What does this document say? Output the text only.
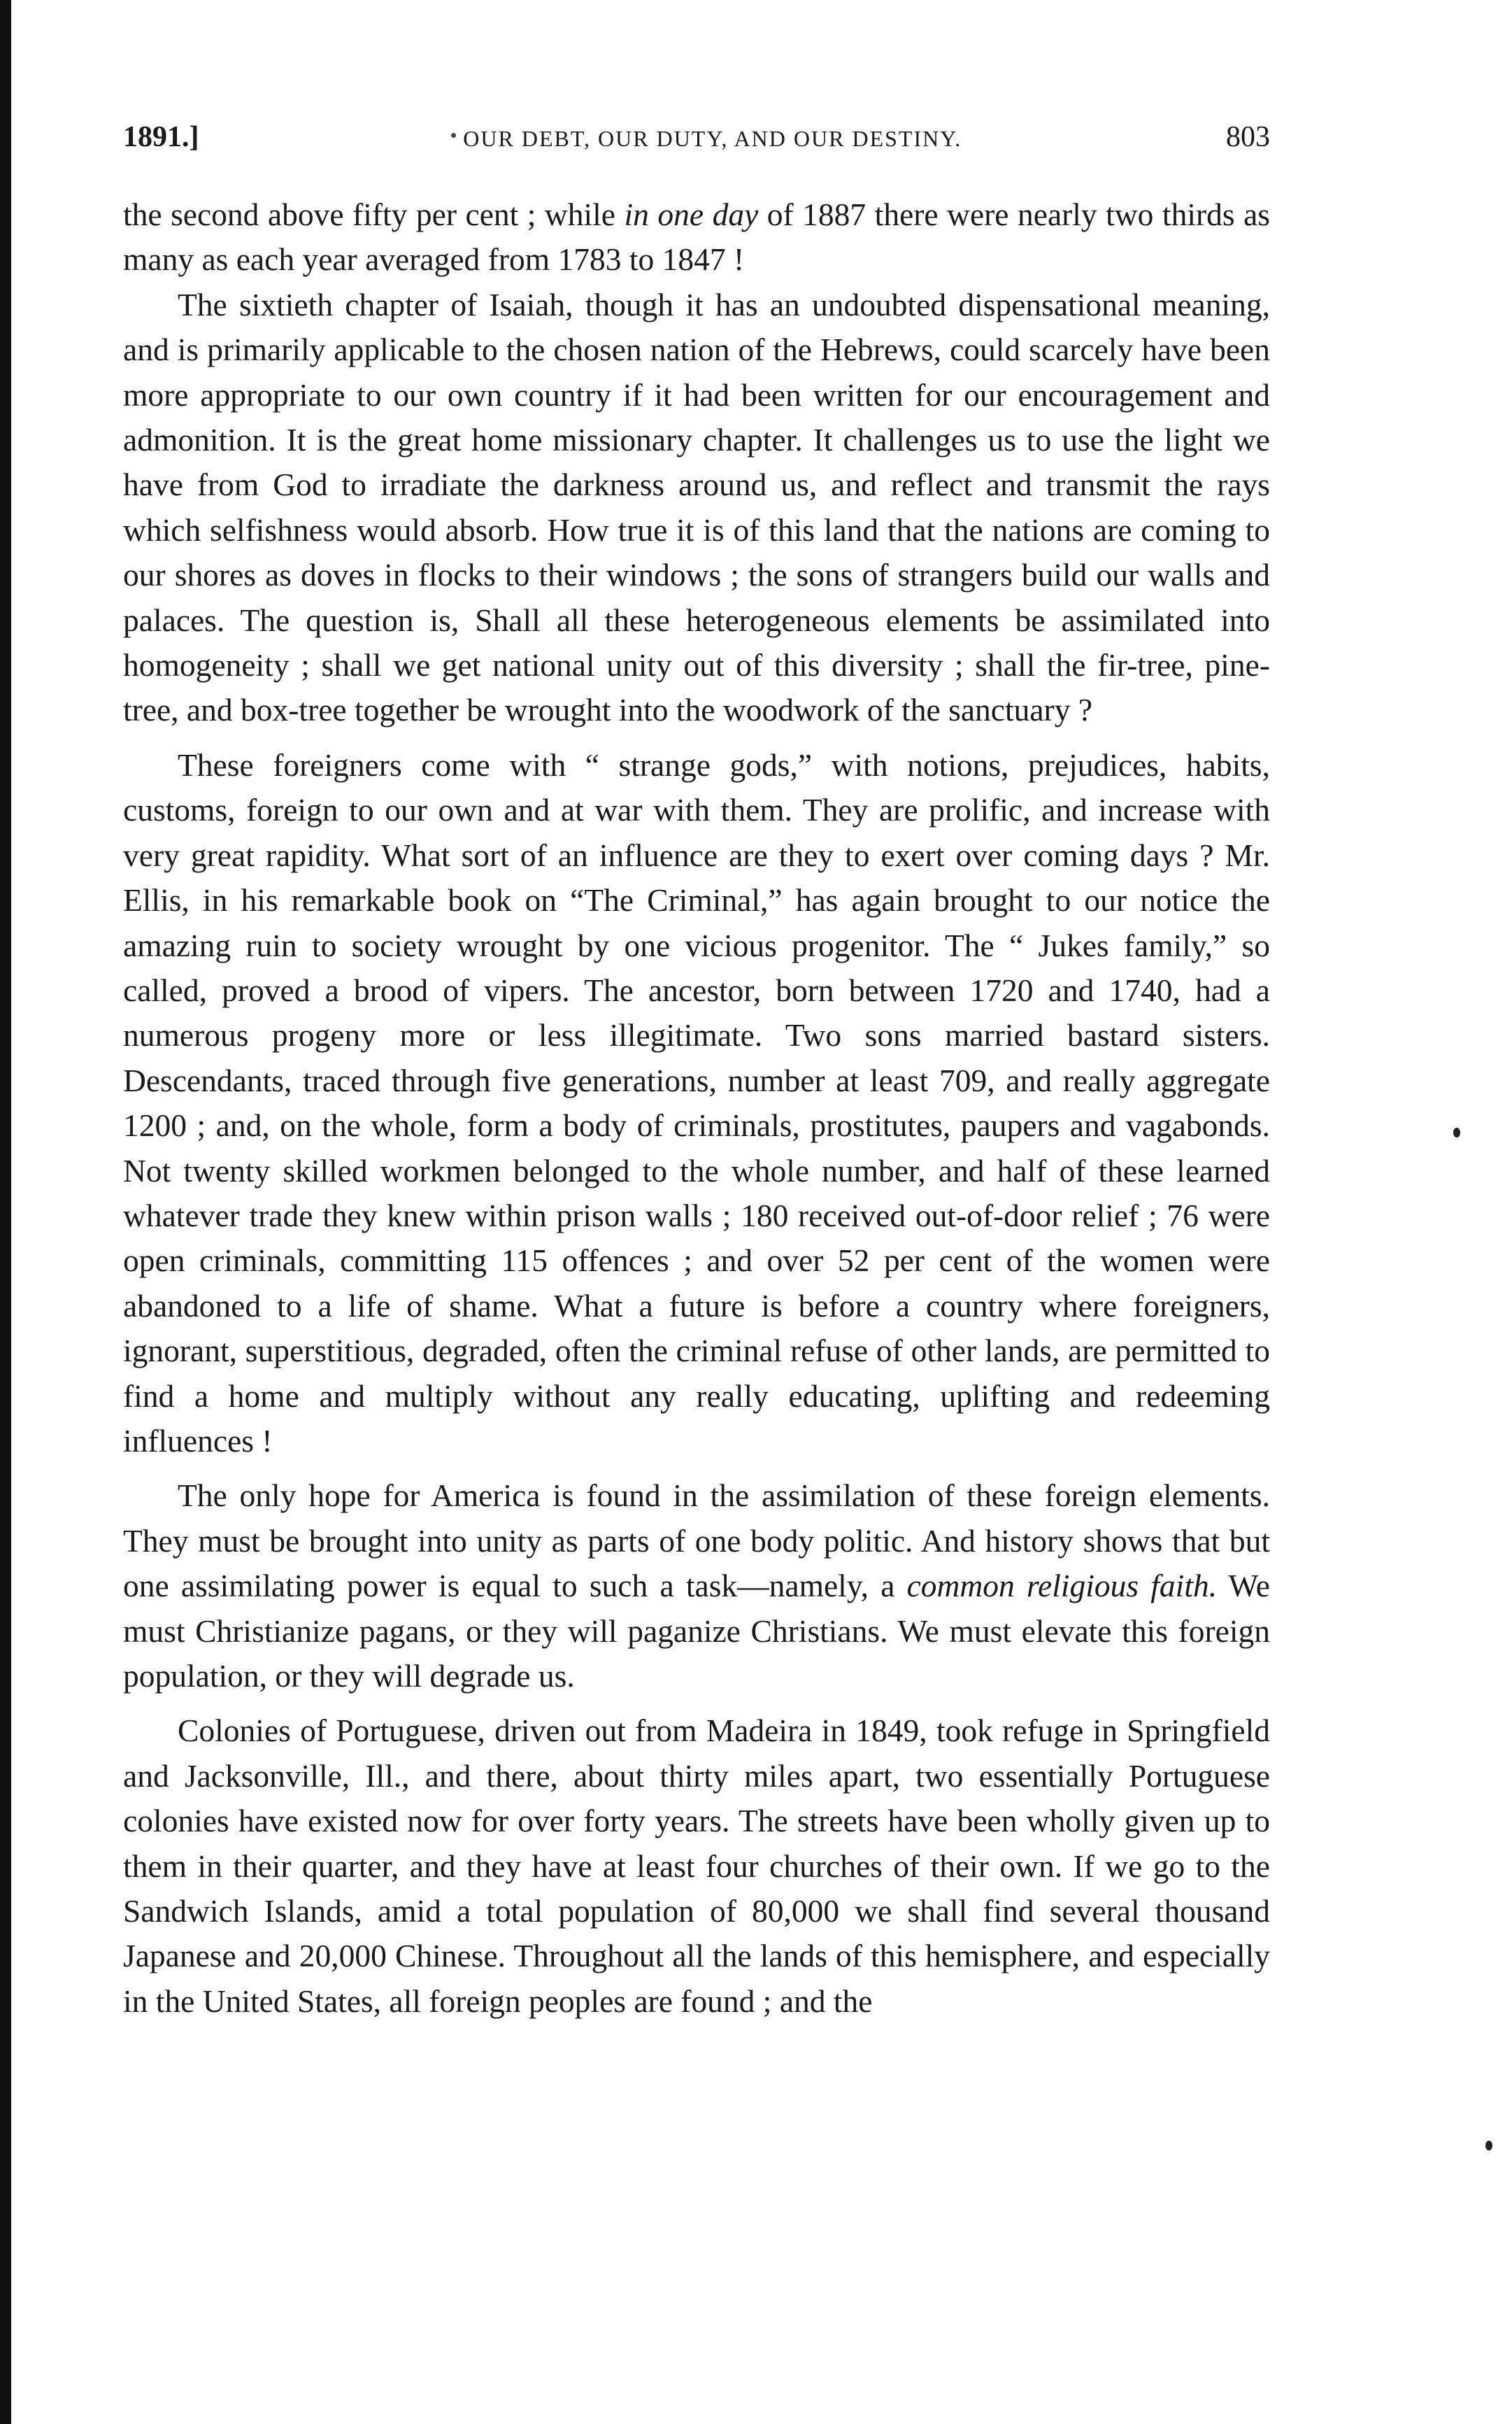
1891.]	OUR DEBT, OUR DUTY, AND OUR DESTINY.	803

the second above fifty per cent ; while in one day of 1887 there were nearly two thirds as many as each year averaged from 1783 to 1847 !

The sixtieth chapter of Isaiah, though it has an undoubted dispensational meaning, and is primarily applicable to the chosen nation of the Hebrews, could scarcely have been more appropriate to our own country if it had been written for our encouragement and admonition. It is the great home missionary chapter. It challenges us to use the light we have from God to irradiate the darkness around us, and reflect and transmit the rays which selfishness would absorb. How true it is of this land that the nations are coming to our shores as doves in flocks to their windows ; the sons of strangers build our walls and palaces. The question is, Shall all these heterogeneous elements be assimilated into homogeneity ; shall we get national unity out of this diversity ; shall the fir-tree, pine-tree, and box-tree together be wrought into the woodwork of the sanctuary ?

These foreigners come with “ strange gods,” with notions, prejudices, habits, customs, foreign to our own and at war with them. They are prolific, and increase with very great rapidity. What sort of an influence are they to exert over coming days ? Mr. Ellis, in his remarkable book on “The Criminal,” has again brought to our notice the amazing ruin to society wrought by one vicious progenitor. The “ Jukes family,” so called, proved a brood of vipers. The ancestor, born between 1720 and 1740, had a numerous progeny more or less illegitimate. Two sons married bastard sisters. Descendants, traced through five generations, number at least 709, and really aggregate 1200 ; and, on the whole, form a body of criminals, prostitutes, paupers and vagabonds. Not twenty skilled workmen belonged to the whole number, and half of these learned whatever trade they knew within prison walls ; 180 received out-of-door relief ; 76 were open criminals, committing 115 offences ; and over 52 per cent of the women were abandoned to a life of shame. What a future is before a country where foreigners, ignorant, superstitious, degraded, often the criminal refuse of other lands, are permitted to find a home and multiply without any really educating, uplifting and redeeming influences !

The only hope for America is found in the assimilation of these foreign elements. They must be brought into unity as parts of one body politic. And history shows that but one assimilating power is equal to such a task—namely, a common religious faith. We must Christianize pagans, or they will paganize Christians. We must elevate this foreign population, or they will degrade us.

Colonies of Portuguese, driven out from Madeira in 1849, took refuge in Springfield and Jacksonville, Ill., and there, about thirty miles apart, two essentially Portuguese colonies have existed now for over forty years. The streets have been wholly given up to them in their quarter, and they have at least four churches of their own. If we go to the Sandwich Islands, amid a total population of 80,000 we shall find several thousand Japanese and 20,000 Chinese. Throughout all the lands of this hemisphere, and especially in the United States, all foreign peoples are found ; and the
